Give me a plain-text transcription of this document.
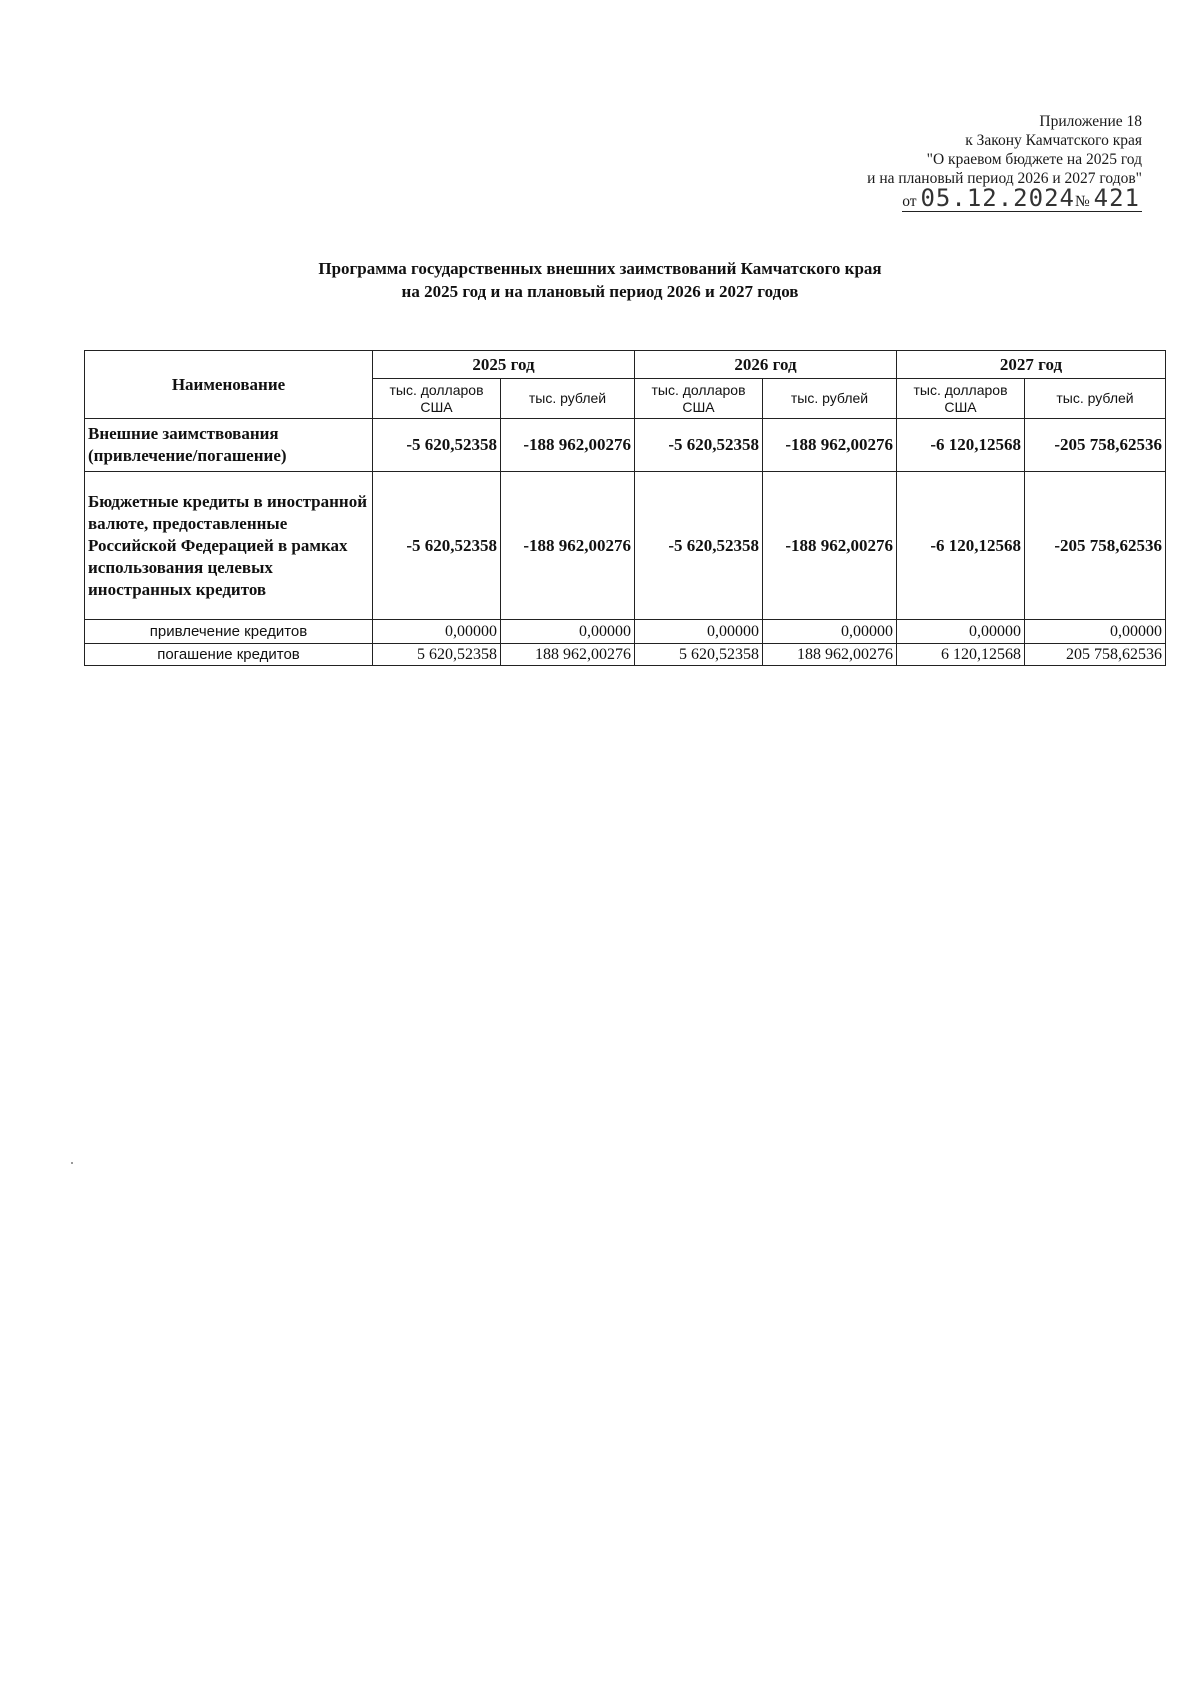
Приложение 18
к Закону Камчатского края
"О краевом бюджете на 2025 год
и на плановый период 2026 и 2027 годов"
от 05.12.2024№ 421
Программа государственных внешних заимствований Камчатского края
на 2025 год и на плановый период 2026 и 2027 годов
Наименование	2025 год		2026 год		2027 год	
	тыс. долларов США	тыс. рублей	тыс. долларов США	тыс. рублей	тыс. долларов США	тыс. рублей
Внешние заимствования (привлечение/погашение)	-5 620,52358	-188 962,00276	-5 620,52358	-188 962,00276	-6 120,12568	-205 758,62536
Бюджетные кредиты в иностранной валюте, предоставленные Российской Федерацией в рамках использования целевых иностранных кредитов	-5 620,52358	-188 962,00276	-5 620,52358	-188 962,00276	-6 120,12568	-205 758,62536
привлечение кредитов	0,00000	0,00000	0,00000	0,00000	0,00000	0,00000
погашение кредитов	5 620,52358	188 962,00276	5 620,52358	188 962,00276	6 120,12568	205 758,62536
